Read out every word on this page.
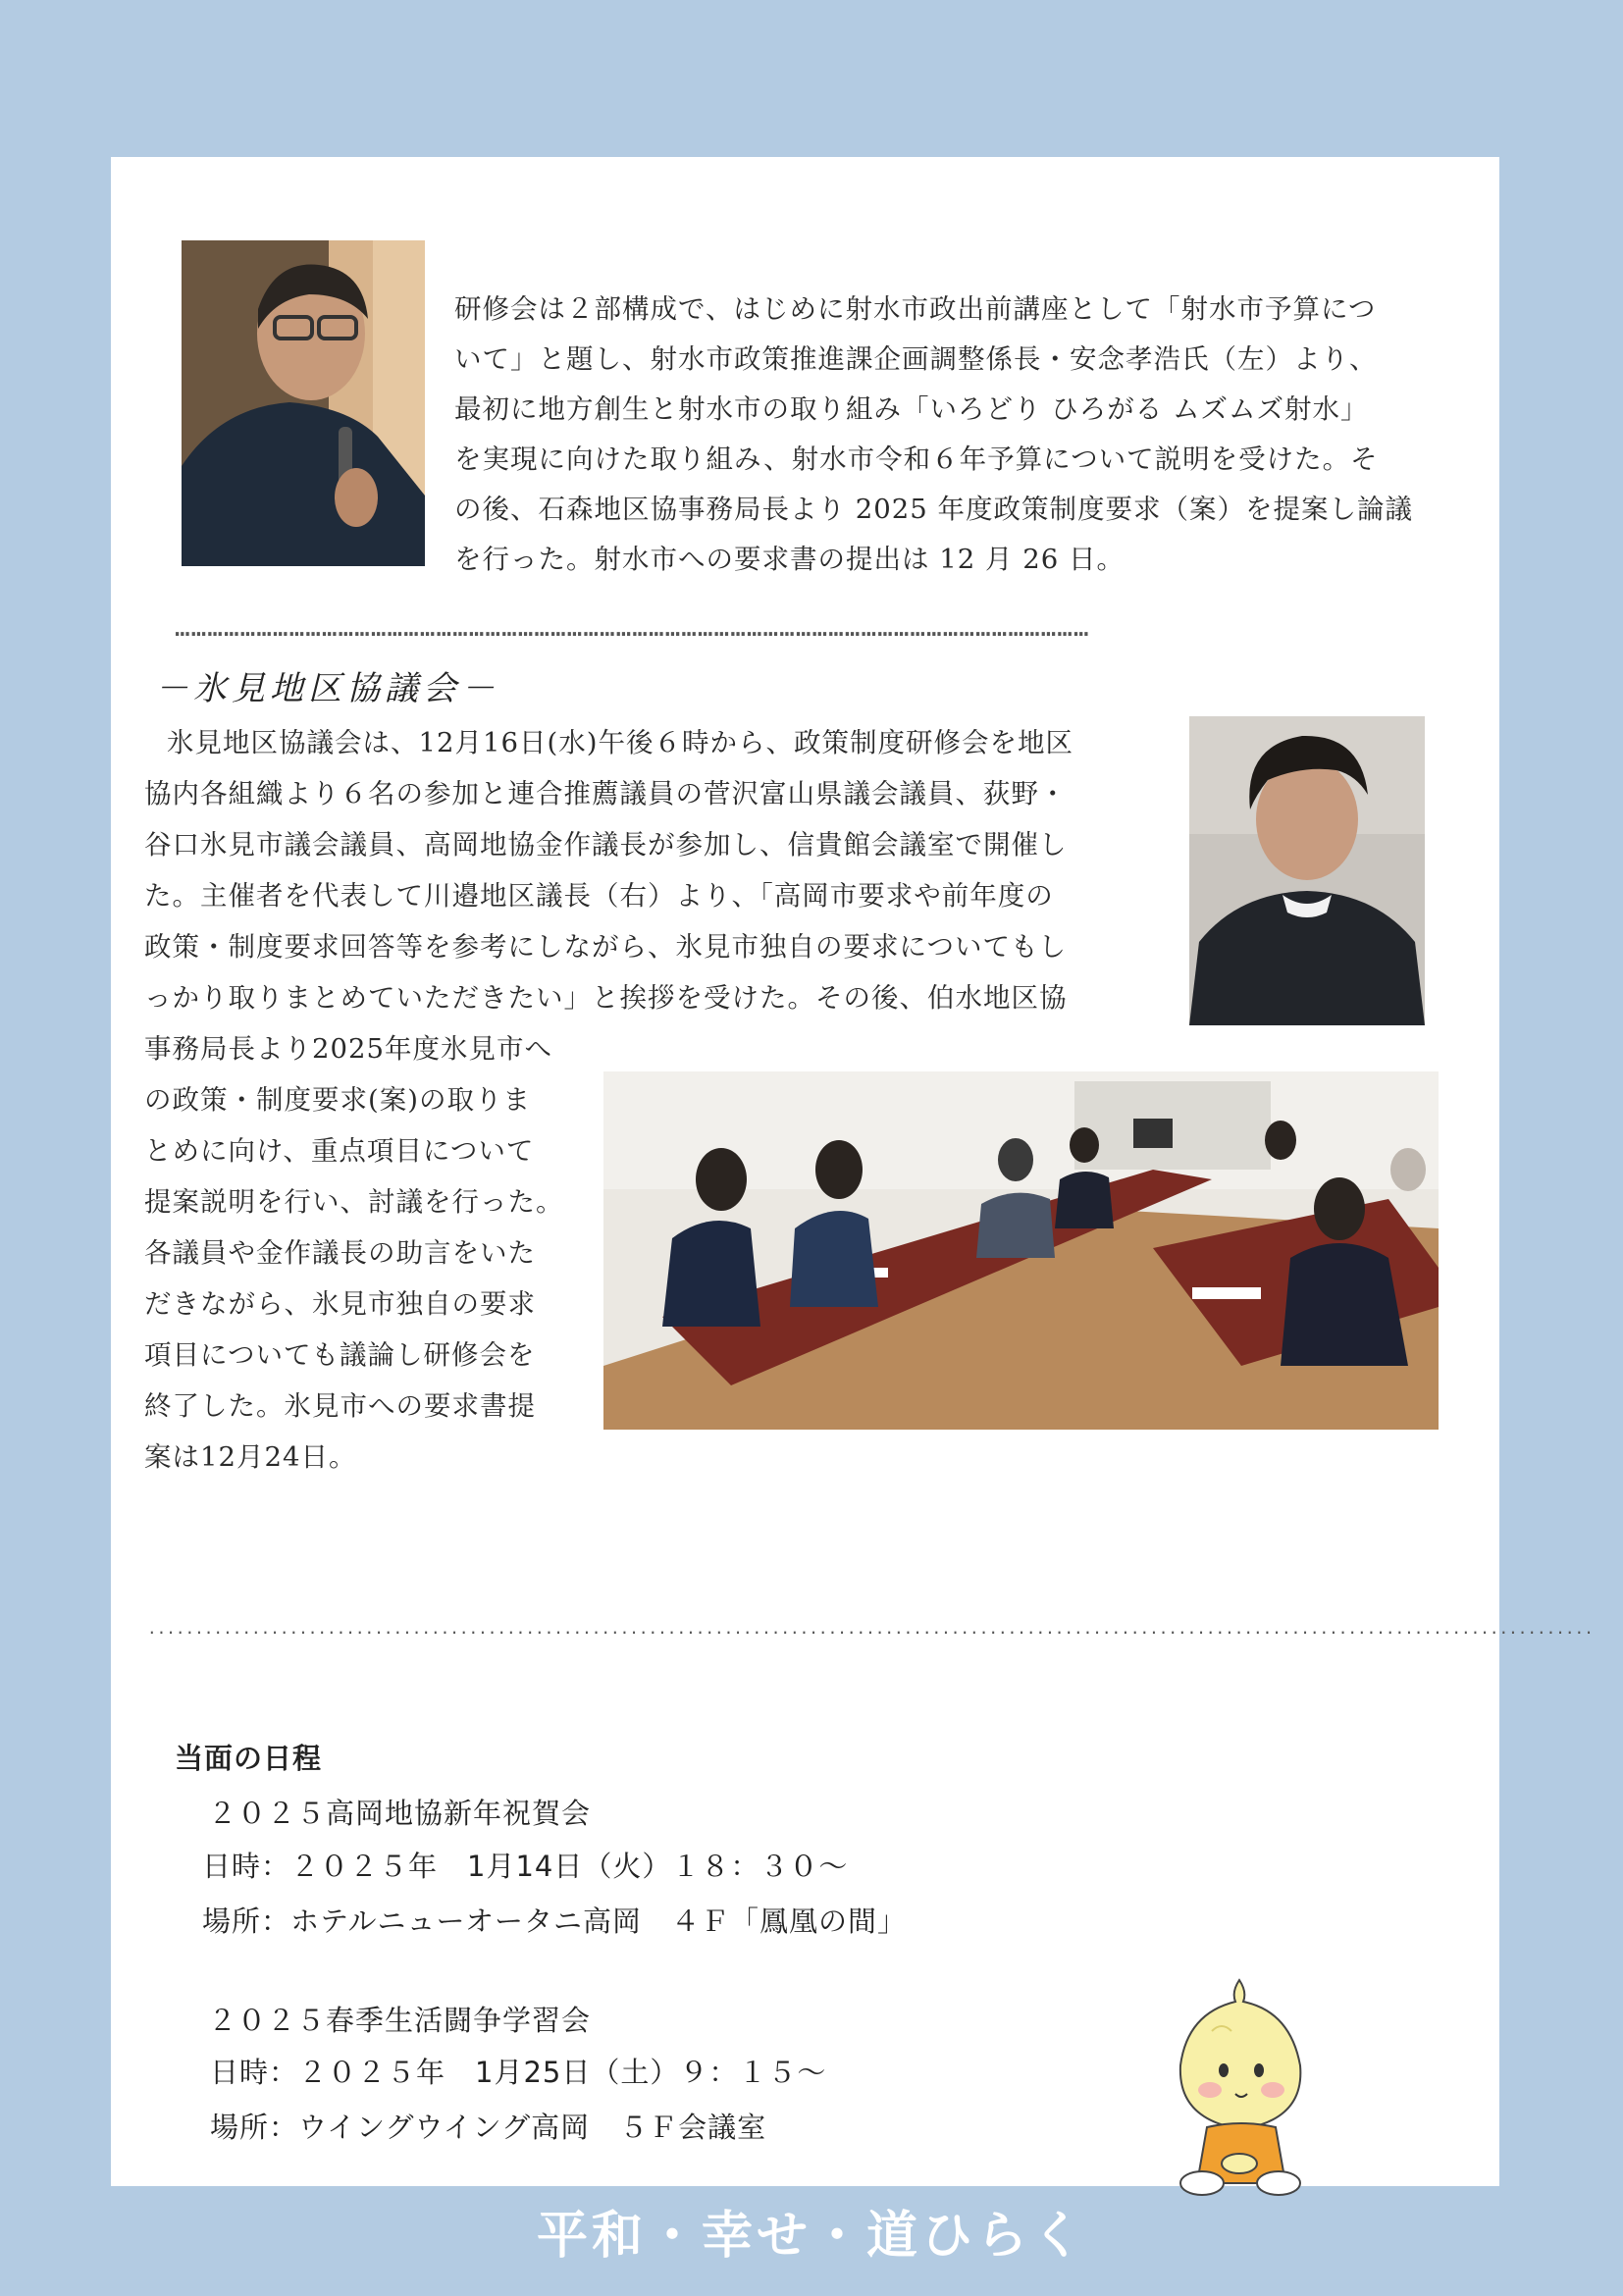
研修会は２部構成で、はじめに射水市政出前講座として「射水市予算につ
いて」と題し、射水市政策推進課企画調整係長・安念孝浩氏（左）より、
最初に地方創生と射水市の取り組み「いろどり ひろがる ムズムズ射水」
を実現に向けた取り組み、射水市令和６年予算について説明を受けた。そ
の後、石森地区協事務局長より 2025 年度政策制度要求（案）を提案し論議
を行った。射水市への要求書の提出は 12 月 26 日。
……………………………………………………………………………………………………………………………………………………
－氷見地区協議会－
氷見地区協議会は、12月16日(水)午後６時から、政策制度研修会を地区
協内各組織より６名の参加と連合推薦議員の菅沢富山県議会議員、荻野・
谷口氷見市議会議員、高岡地協金作議長が参加し、信貴館会議室で開催し
た。主催者を代表して川邉地区議長（右）より、「高岡市要求や前年度の
政策・制度要求回答等を参考にしながら、氷見市独自の要求についてもし
っかり取りまとめていただきたい」と挨拶を受けた。その後、伯水地区協
事務局長より2025年度氷見市へ
の政策・制度要求(案)の取りま
とめに向け、重点項目について
提案説明を行い、討議を行った。
各議員や金作議長の助言をいた
だきながら、氷見市独自の要求
項目についても議論し研修会を
終了した。氷見市への要求書提
案は12月24日。
.........................................................................................................................................................
当面の日程
２０２５高岡地協新年祝賀会
日時：２０２５年　1月14日（火）１８：３０～
場所：ホテルニューオータニ高岡　４Ｆ「鳳凰の間」
２０２５春季生活闘争学習会
日時：２０２５年　1月25日（土）９：１５～
場所：ウイングウイング高岡　５Ｆ会議室
平和・幸せ・道ひらく
